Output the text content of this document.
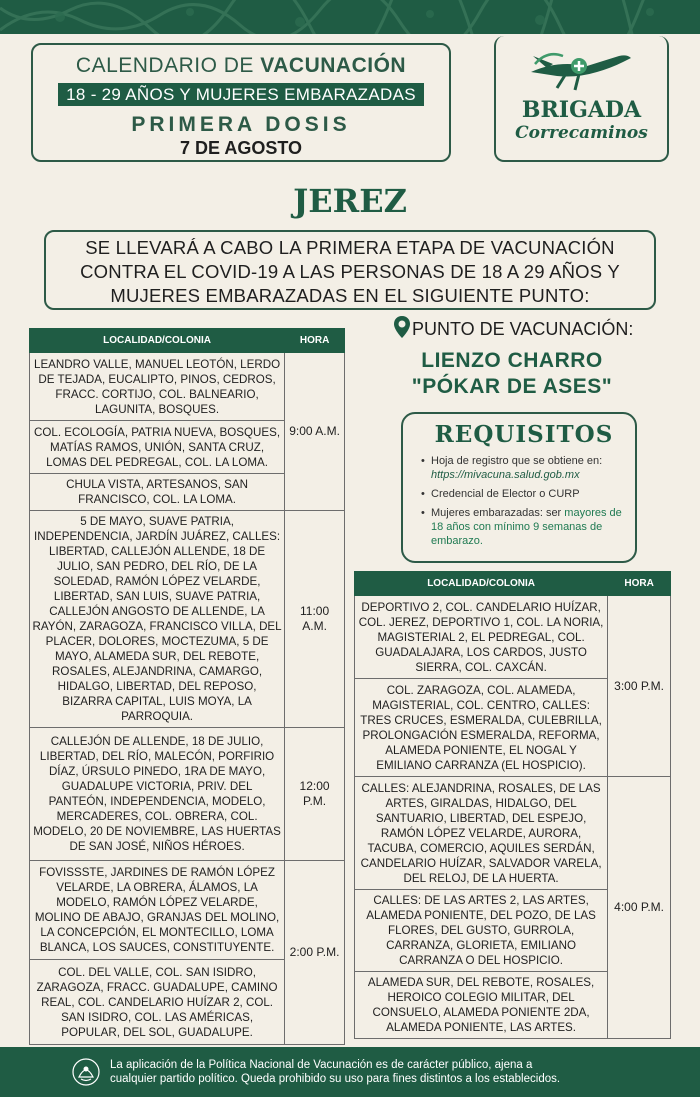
CALENDARIO DE VACUNACIÓN
18 - 29 AÑOS Y MUJERES EMBARAZADAS
PRIMERA DOSIS
7 DE AGOSTO
BRIGADA
Correcaminos
JEREZ
SE LLEVARÁ A CABO LA PRIMERA ETAPA DE VACUNACIÓN
CONTRA EL COVID-19 A LAS PERSONAS DE 18 A 29 AÑOS Y
MUJERES EMBARAZADAS EN EL SIGUIENTE PUNTO:
LOCALIDAD/COLONIA	HORA
LEANDRO VALLE, MANUEL LEOTÓN, LERDO DE TEJADA, EUCALIPTO, PINOS, CEDROS, FRACC. CORTIJO, COL. BALNEARIO, LAGUNITA, BOSQUES.	9:00 A.M.
COL. ECOLOGÍA, PATRIA NUEVA, BOSQUES, MATÍAS RAMOS, UNIÓN, SANTA CRUZ, LOMAS DEL PEDREGAL, COL. LA LOMA.	
CHULA VISTA, ARTESANOS, SAN FRANCISCO, COL. LA LOMA.	
5 DE MAYO, SUAVE PATRIA, INDEPENDENCIA, JARDÍN JUÁREZ, CALLES: LIBERTAD, CALLEJÓN ALLENDE, 18 DE JULIO, SAN PEDRO, DEL RÍO, DE LA SOLEDAD, RAMÓN LÓPEZ VELARDE, LIBERTAD, SAN LUIS, SUAVE PATRIA, CALLEJÓN ANGOSTO DE ALLENDE, LA RAYÓN, ZARAGOZA, FRANCISCO VILLA, DEL PLACER, DOLORES, MOCTEZUMA, 5 DE MAYO, ALAMEDA SUR, DEL REBOTE, ROSALES, ALEJANDRINA, CAMARGO, HIDALGO, LIBERTAD, DEL REPOSO, BIZARRA CAPITAL, LUIS MOYA, LA PARROQUIA.	11:00 A.M.
CALLEJÓN DE ALLENDE, 18 DE JULIO, LIBERTAD, DEL RÍO, MALECÓN, PORFIRIO DÍAZ, ÚRSULO PINEDO, 1RA DE MAYO, GUADALUPE VICTORIA, PRIV. DEL PANTEÓN, INDEPENDENCIA, MODELO, MERCADERES, COL. OBRERA, COL. MODELO, 20 DE NOVIEMBRE, LAS HUERTAS DE SAN JOSÉ, NIÑOS HÉROES.	12:00 P.M.
FOVISSSTE, JARDINES DE RAMÓN LÓPEZ VELARDE, LA OBRERA, ÁLAMOS, LA MODELO, RAMÓN LÓPEZ VELARDE, MOLINO DE ABAJO, GRANJAS DEL MOLINO, LA CONCEPCIÓN, EL MONTECILLO, LOMA BLANCA, LOS SAUCES, CONSTITUYENTE.	2:00 P.M.
COL. DEL VALLE, COL. SAN ISIDRO, ZARAGOZA, FRACC. GUADALUPE, CAMINO REAL, COL. CANDELARIO HUÍZAR 2, COL. SAN ISIDRO, COL. LAS AMÉRICAS, POPULAR, DEL SOL, GUADALUPE.	
PUNTO DE VACUNACIÓN:
LIENZO CHARRO
"PÓKAR DE ASES"
REQUISITOS
• Hoja de registro que se obtiene en: https://mivacuna.salud.gob.mx
• Credencial de Elector o CURP
• Mujeres embarazadas: ser mayores de 18 años con mínimo 9 semanas de embarazo.
LOCALIDAD/COLONIA	HORA
DEPORTIVO 2, COL. CANDELARIO HUÍZAR, COL. JEREZ, DEPORTIVO 1, COL. LA NORIA, MAGISTERIAL 2, EL PEDREGAL, COL. GUADALAJARA, LOS CARDOS, JUSTO SIERRA, COL. CAXCÁN.	3:00 P.M.
COL. ZARAGOZA, COL. ALAMEDA, MAGISTERIAL, COL. CENTRO, CALLES: TRES CRUCES, ESMERALDA, CULEBRILLA, PROLONGACIÓN ESMERALDA, REFORMA, ALAMEDA PONIENTE, EL NOGAL Y EMILIANO CARRANZA (EL HOSPICIO).	
CALLES: ALEJANDRINA, ROSALES, DE LAS ARTES, GIRALDAS, HIDALGO, DEL SANTUARIO, LIBERTAD, DEL ESPEJO, RAMÓN LÓPEZ VELARDE, AURORA, TACUBA, COMERCIO, AQUILES SERDÁN, CANDELARIO HUÍZAR, SALVADOR VARELA, DEL RELOJ, DE LA HUERTA.	4:00 P.M.
CALLES: DE LAS ARTES 2, LAS ARTES, ALAMEDA PONIENTE, DEL POZO, DE LAS FLORES, DEL GUSTO, GURROLA, CARRANZA, GLORIETA, EMILIANO CARRANZA O DEL HOSPICIO.	
ALAMEDA SUR, DEL REBOTE, ROSALES, HEROICO COLEGIO MILITAR, DEL CONSUELO, ALAMEDA PONIENTE 2DA, ALAMEDA PONIENTE, LAS ARTES.	
La aplicación de la Política Nacional de Vacunación es de carácter público, ajena a
cualquier partido político. Queda prohibido su uso para fines distintos a los establecidos.
